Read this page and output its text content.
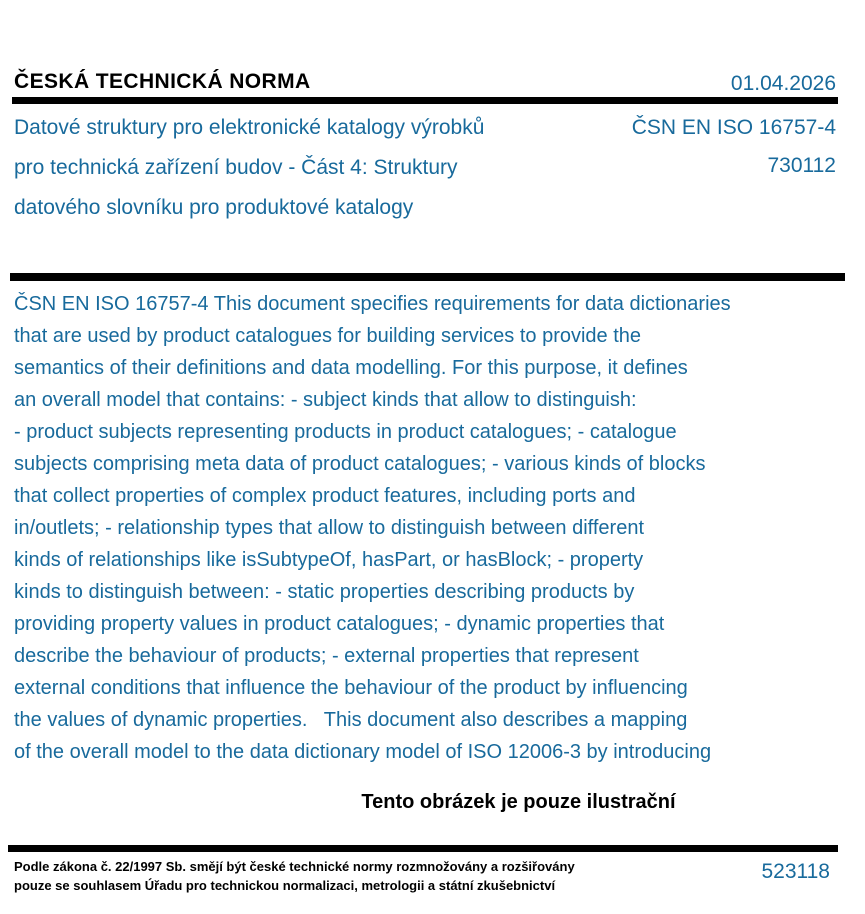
ČESKÁ TECHNICKÁ NORMA	01.04.2026
Datové struktury pro elektronické katalogy výrobků
pro technická zařízení budov - Část 4: Struktury
datového slovníku pro produktové katalogy
ČSN EN ISO 16757-4
730112
ČSN EN ISO 16757-4 This document specifies requirements for data dictionaries
that are used by product catalogues for building services to provide the
semantics of their definitions and data modelling. For this purpose, it defines
an overall model that contains: - subject kinds that allow to distinguish:
- product subjects representing products in product catalogues; - catalogue
subjects comprising meta data of product catalogues; - various kinds of blocks
that collect properties of complex product features, including ports and
in/outlets; - relationship types that allow to distinguish between different
kinds of relationships like isSubtypeOf, hasPart, or hasBlock; - property
kinds to distinguish between: - static properties describing products by
providing property values in product catalogues; - dynamic properties that
describe the behaviour of products; - external properties that represent
external conditions that influence the behaviour of the product by influencing
the values of dynamic properties.   This document also describes a mapping
of the overall model to the data dictionary model of ISO 12006-3 by introducing
Tento obrázek je pouze ilustrační
Podle zákona č. 22/1997 Sb. smějí být české technické normy rozmnožovány a rozšiřovány
pouze se souhlasem Úřadu pro technickou normalizaci, metrologii a státní zkušebnictví
523118
